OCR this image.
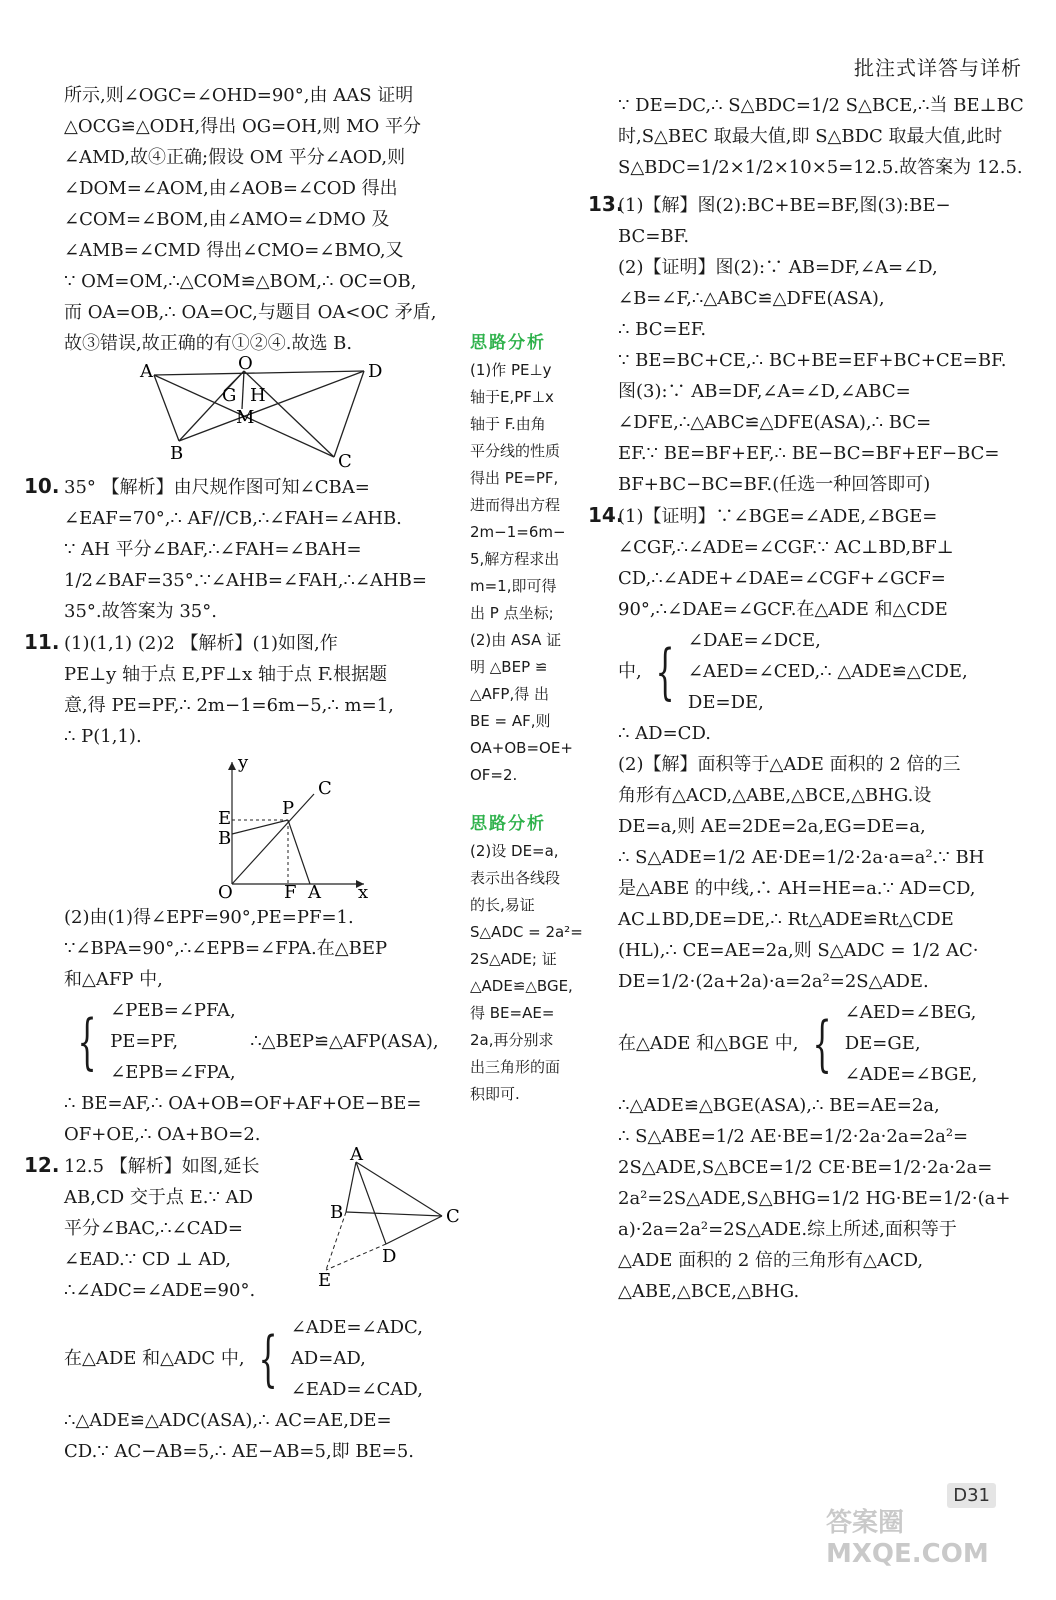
批注式详答与详析
所示,则∠OGC=∠OHD=90°,由 AAS 证明
△OCG≌△ODH,得出 OG=OH,则 MO 平分
∠AMD,故④正确;假设 OM 平分∠AOD,则
∠DOM=∠AOM,由∠AOB=∠COD 得出
∠COM=∠BOM,由∠AMO=∠DMO 及
∠AMB=∠CMD 得出∠CMO=∠BMO,又
∵ OM=OM,∴△COM≌△BOM,∴ OC=OB,
而 OA=OB,∴ OA=OC,与题目 OA<OC 矛盾,
故③错误,故正确的有①②④.故选 B.
A	O	D
G H
M
B	C
10. 35° 【解析】由尺规作图可知∠CBA=
∠EAF=70°,∴ AF//CB,∴∠FAH=∠AHB.
∵ AH 平分∠BAF,∴∠FAH=∠BAH=
1/2∠BAF=35°.∵∠AHB=∠FAH,∴∠AHB=
35°.故答案为 35°.
11. (1)(1,1) (2)2 【解析】(1)如图,作
PE⊥y 轴于点 E,PF⊥x 轴于点 F.根据题
意,得 PE=PF,∴ 2m−1=6m−5,∴ m=1,
∴ P(1,1).
y
C
E	P
B
O	F A x
(2)由(1)得∠EPF=90°,PE=PF=1.
∵∠BPA=90°,∴∠EPB=∠FPA.在△BEP
和△AFP 中,
{ ∠PEB=∠PFA,
PE=PF,
∠EPB=∠FPA,
∴△BEP≌△AFP(ASA),
∴ BE=AF,∴ OA+OB=OF+AF+OE−BE=
OF+OE,∴ OA+BO=2.
12. 12.5 【解析】如图,延长
AB,CD 交于点 E.∵ AD
平分∠BAC,∴∠CAD=
∠EAD.∵ CD ⊥ AD,
∴∠ADC=∠ADE=90°.
A
B	C
D
E
在△ADE 和△ADC 中, { ∠ADE=∠ADC,
AD=AD,
∠EAD=∠CAD,
∴△ADE≌△ADC(ASA),∴ AC=AE,DE=
CD.∵ AC−AB=5,∴ AE−AB=5,即 BE=5.
思路分析
(1)作 PE⊥y
轴于E,PF⊥x
轴于 F.由角
平分线的性质
得出 PE=PF,
进而得出方程
2m−1=6m−
5,解方程求出
m=1,即可得
出 P 点坐标;
(2)由 ASA 证
明 △BEP ≌
△AFP,得 出
BE = AF,则
OA+OB=OE+
OF=2.
思路分析
(2)设 DE=a,
表示出各线段
的长,易证
S△ADC = 2a²=
2S△ADE; 证
△ADE≌△BGE,
得 BE=AE=
2a,再分别求
出三角形的面
积即可.
∵ DE=DC,∴ S△BDC=1/2 S△BCE,∴当 BE⊥BC
时,S△BEC 取最大值,即 S△BDC 取最大值,此时
S△BDC=1/2×1/2×10×5=12.5.故答案为 12.5.
13.(1)【解】图(2):BC+BE=BF,图(3):BE−
BC=BF.
(2)【证明】图(2):∵ AB=DF,∠A=∠D,
∠B=∠F,∴△ABC≌△DFE(ASA),
∴ BC=EF.
∵ BE=BC+CE,∴ BC+BE=EF+BC+CE=BF.
图(3):∵ AB=DF,∠A=∠D,∠ABC=
∠DFE,∴△ABC≌△DFE(ASA),∴ BC=
EF.∵ BE=BF+EF,∴ BE−BC=BF+EF−BC=
BF+BC−BC=BF.(任选一种回答即可)
14.(1)【证明】∵∠BGE=∠ADE,∠BGE=
∠CGF,∴∠ADE=∠CGF.∵ AC⊥BD,BF⊥
CD,∴∠ADE+∠DAE=∠CGF+∠GCF=
90°,∴∠DAE=∠GCF.在△ADE 和△CDE
中, { ∠DAE=∠DCE,
∠AED=∠CED,∴ △ADE≌△CDE,
DE=DE,
∴ AD=CD.
(2)【解】面积等于△ADE 面积的 2 倍的三
角形有△ACD,△ABE,△BCE,△BHG.设
DE=a,则 AE=2DE=2a,EG=DE=a,
∴ S△ADE=1/2 AE·DE=1/2·2a·a=a².∵ BH
是△ABE 的中线,∴ AH=HE=a.∵ AD=CD,
AC⊥BD,DE=DE,∴ Rt△ADE≌Rt△CDE
(HL),∴ CE=AE=2a,则 S△ADC = 1/2 AC·
DE=1/2·(2a+2a)·a=2a²=2S△ADE.
在△ADE 和△BGE 中, { ∠AED=∠BEG,
DE=GE,
∠ADE=∠BGE,
∴△ADE≌△BGE(ASA),∴ BE=AE=2a,
∴ S△ABE=1/2 AE·BE=1/2·2a·2a=2a²=
2S△ADE,S△BCE=1/2 CE·BE=1/2·2a·2a=
2a²=2S△ADE,S△BHG=1/2 HG·BE=1/2·(a+
a)·2a=2a²=2S△ADE.综上所述,面积等于
△ADE 面积的 2 倍的三角形有△ACD,
△ABE,△BCE,△BHG.
D31
答案圈 MXQE.COM
